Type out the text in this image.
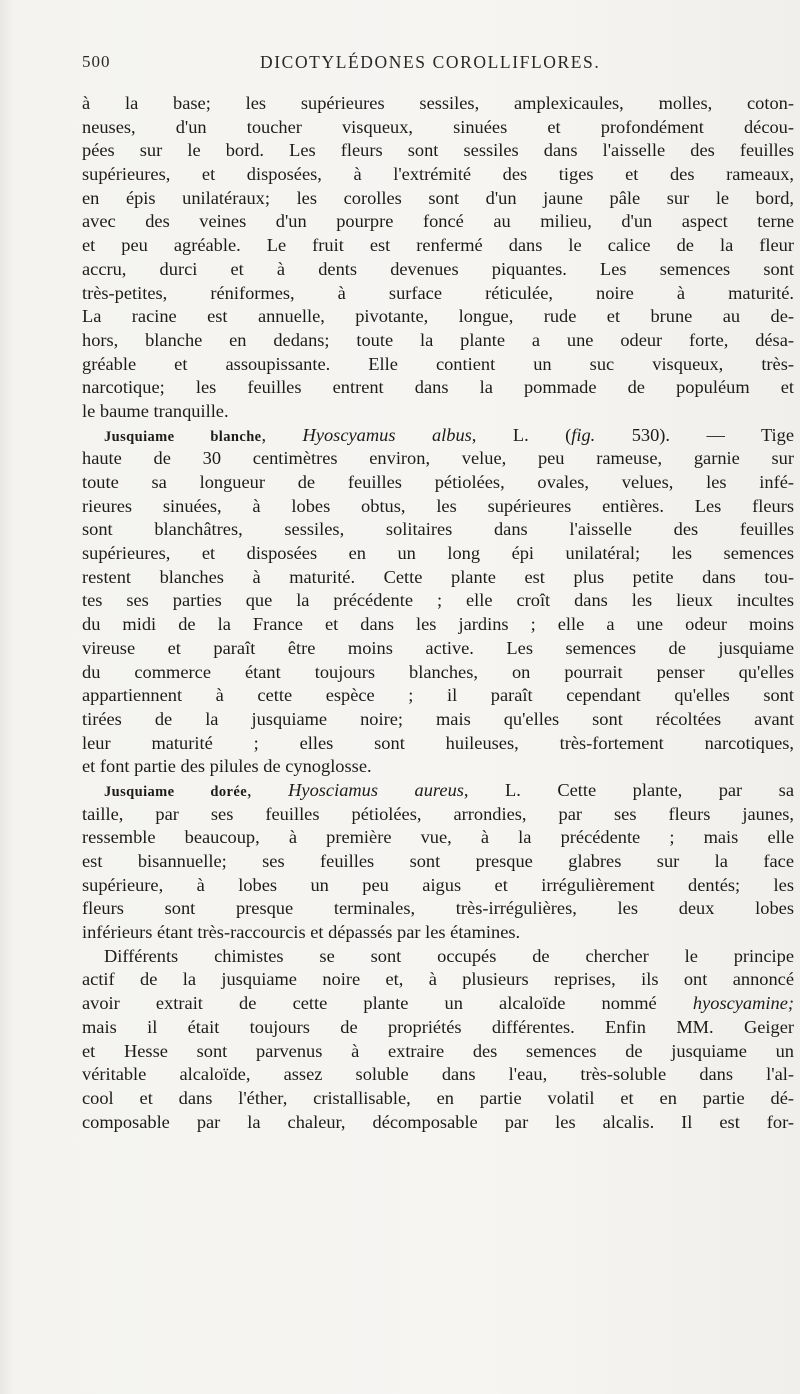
500	DICOTYLÉDONES COROLLIFLORES.
à la base; les supérieures sessiles, amplexicaules, molles, coton-
neuses, d'un toucher visqueux, sinuées et profondément décou-
pées sur le bord. Les fleurs sont sessiles dans l'aisselle des feuilles
supérieures, et disposées, à l'extrémité des tiges et des rameaux,
en épis unilatéraux; les corolles sont d'un jaune pâle sur le bord,
avec des veines d'un pourpre foncé au milieu, d'un aspect terne
et peu agréable. Le fruit est renfermé dans le calice de la fleur
accru, durci et à dents devenues piquantes. Les semences sont
très-petites, réniformes, à surface réticulée, noire à maturité.
La racine est annuelle, pivotante, longue, rude et brune au de-
hors, blanche en dedans; toute la plante a une odeur forte, désa-
gréable et assoupissante. Elle contient un suc visqueux, très-
narcotique; les feuilles entrent dans la pommade de populéum et
le baume tranquille.
Jusquiame blanche, Hyoscyamus albus, L. (fig. 530). — Tige
haute de 30 centimètres environ, velue, peu rameuse, garnie sur
toute sa longueur de feuilles pétiolées, ovales, velues, les infé-
rieures sinuées, à lobes obtus, les supérieures entières. Les fleurs
sont blanchâtres, sessiles, solitaires dans l'aisselle des feuilles
supérieures, et disposées en un long épi unilatéral; les semences
restent blanches à maturité. Cette plante est plus petite dans tou-
tes ses parties que la précédente ; elle croît dans les lieux incultes
du midi de la France et dans les jardins ; elle a une odeur moins
vireuse et paraît être moins active. Les semences de jusquiame
du commerce étant toujours blanches, on pourrait penser qu'elles
appartiennent à cette espèce ; il paraît cependant qu'elles sont
tirées de la jusquiame noire; mais qu'elles sont récoltées avant
leur maturité ; elles sont huileuses, très-fortement narcotiques,
et font partie des pilules de cynoglosse.
Jusquiame dorée, Hyosciamus aureus, L. Cette plante, par sa
taille, par ses feuilles pétiolées, arrondies, par ses fleurs jaunes,
ressemble beaucoup, à première vue, à la précédente ; mais elle
est bisannuelle; ses feuilles sont presque glabres sur la face
supérieure, à lobes un peu aigus et irrégulièrement dentés; les
fleurs sont presque terminales, très-irrégulières, les deux lobes
inférieurs étant très-raccourcis et dépassés par les étamines.
Différents chimistes se sont occupés de chercher le principe
actif de la jusquiame noire et, à plusieurs reprises, ils ont annoncé
avoir extrait de cette plante un alcaloïde nommé hyoscyamine;
mais il était toujours de propriétés différentes. Enfin MM. Geiger
et Hesse sont parvenus à extraire des semences de jusquiame un
véritable alcaloïde, assez soluble dans l'eau, très-soluble dans l'al-
cool et dans l'éther, cristallisable, en partie volatil et en partie dé-
composable par la chaleur, décomposable par les alcalis. Il est for-
